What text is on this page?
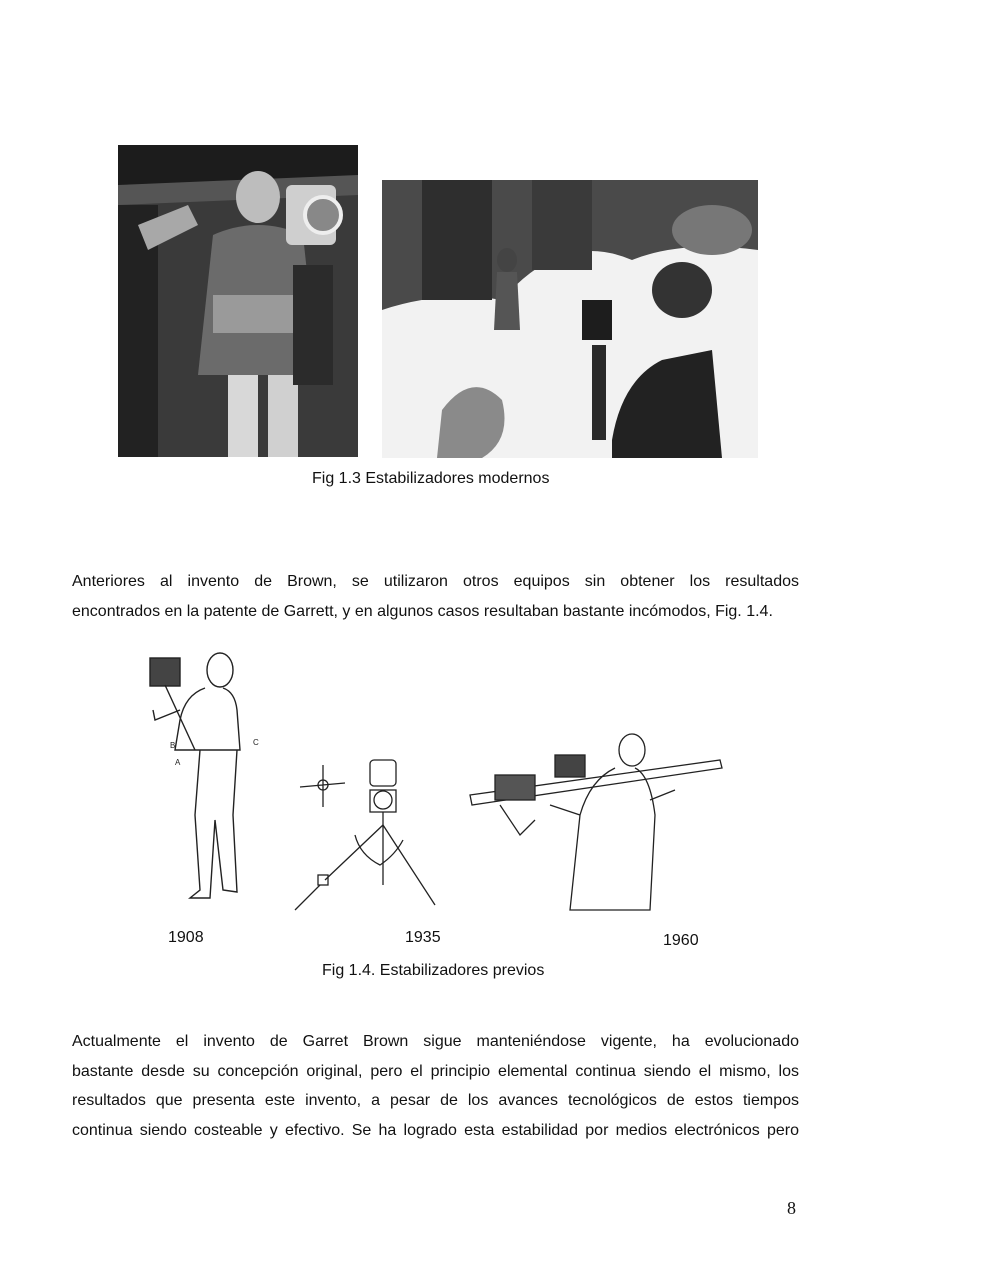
Fig 1.3 Estabilizadores modernos

Anteriores al invento de Brown, se utilizaron otros equipos sin obtener los resultados
encontrados en la patente de Garrett, y en algunos casos resultaban bastante incómodos, Fig. 1.4.

B	C
A
1908	1935	1960
Fig 1.4. Estabilizadores previos

Actualmente el invento de Garret Brown sigue manteniéndose vigente, ha evolucionado
bastante desde su concepción original, pero el principio elemental continua siendo el mismo, los
resultados que presenta este invento, a pesar de los avances tecnológicos de estos tiempos
continua siendo costeable y efectivo. Se ha logrado esta estabilidad por medios electrónicos pero

8
